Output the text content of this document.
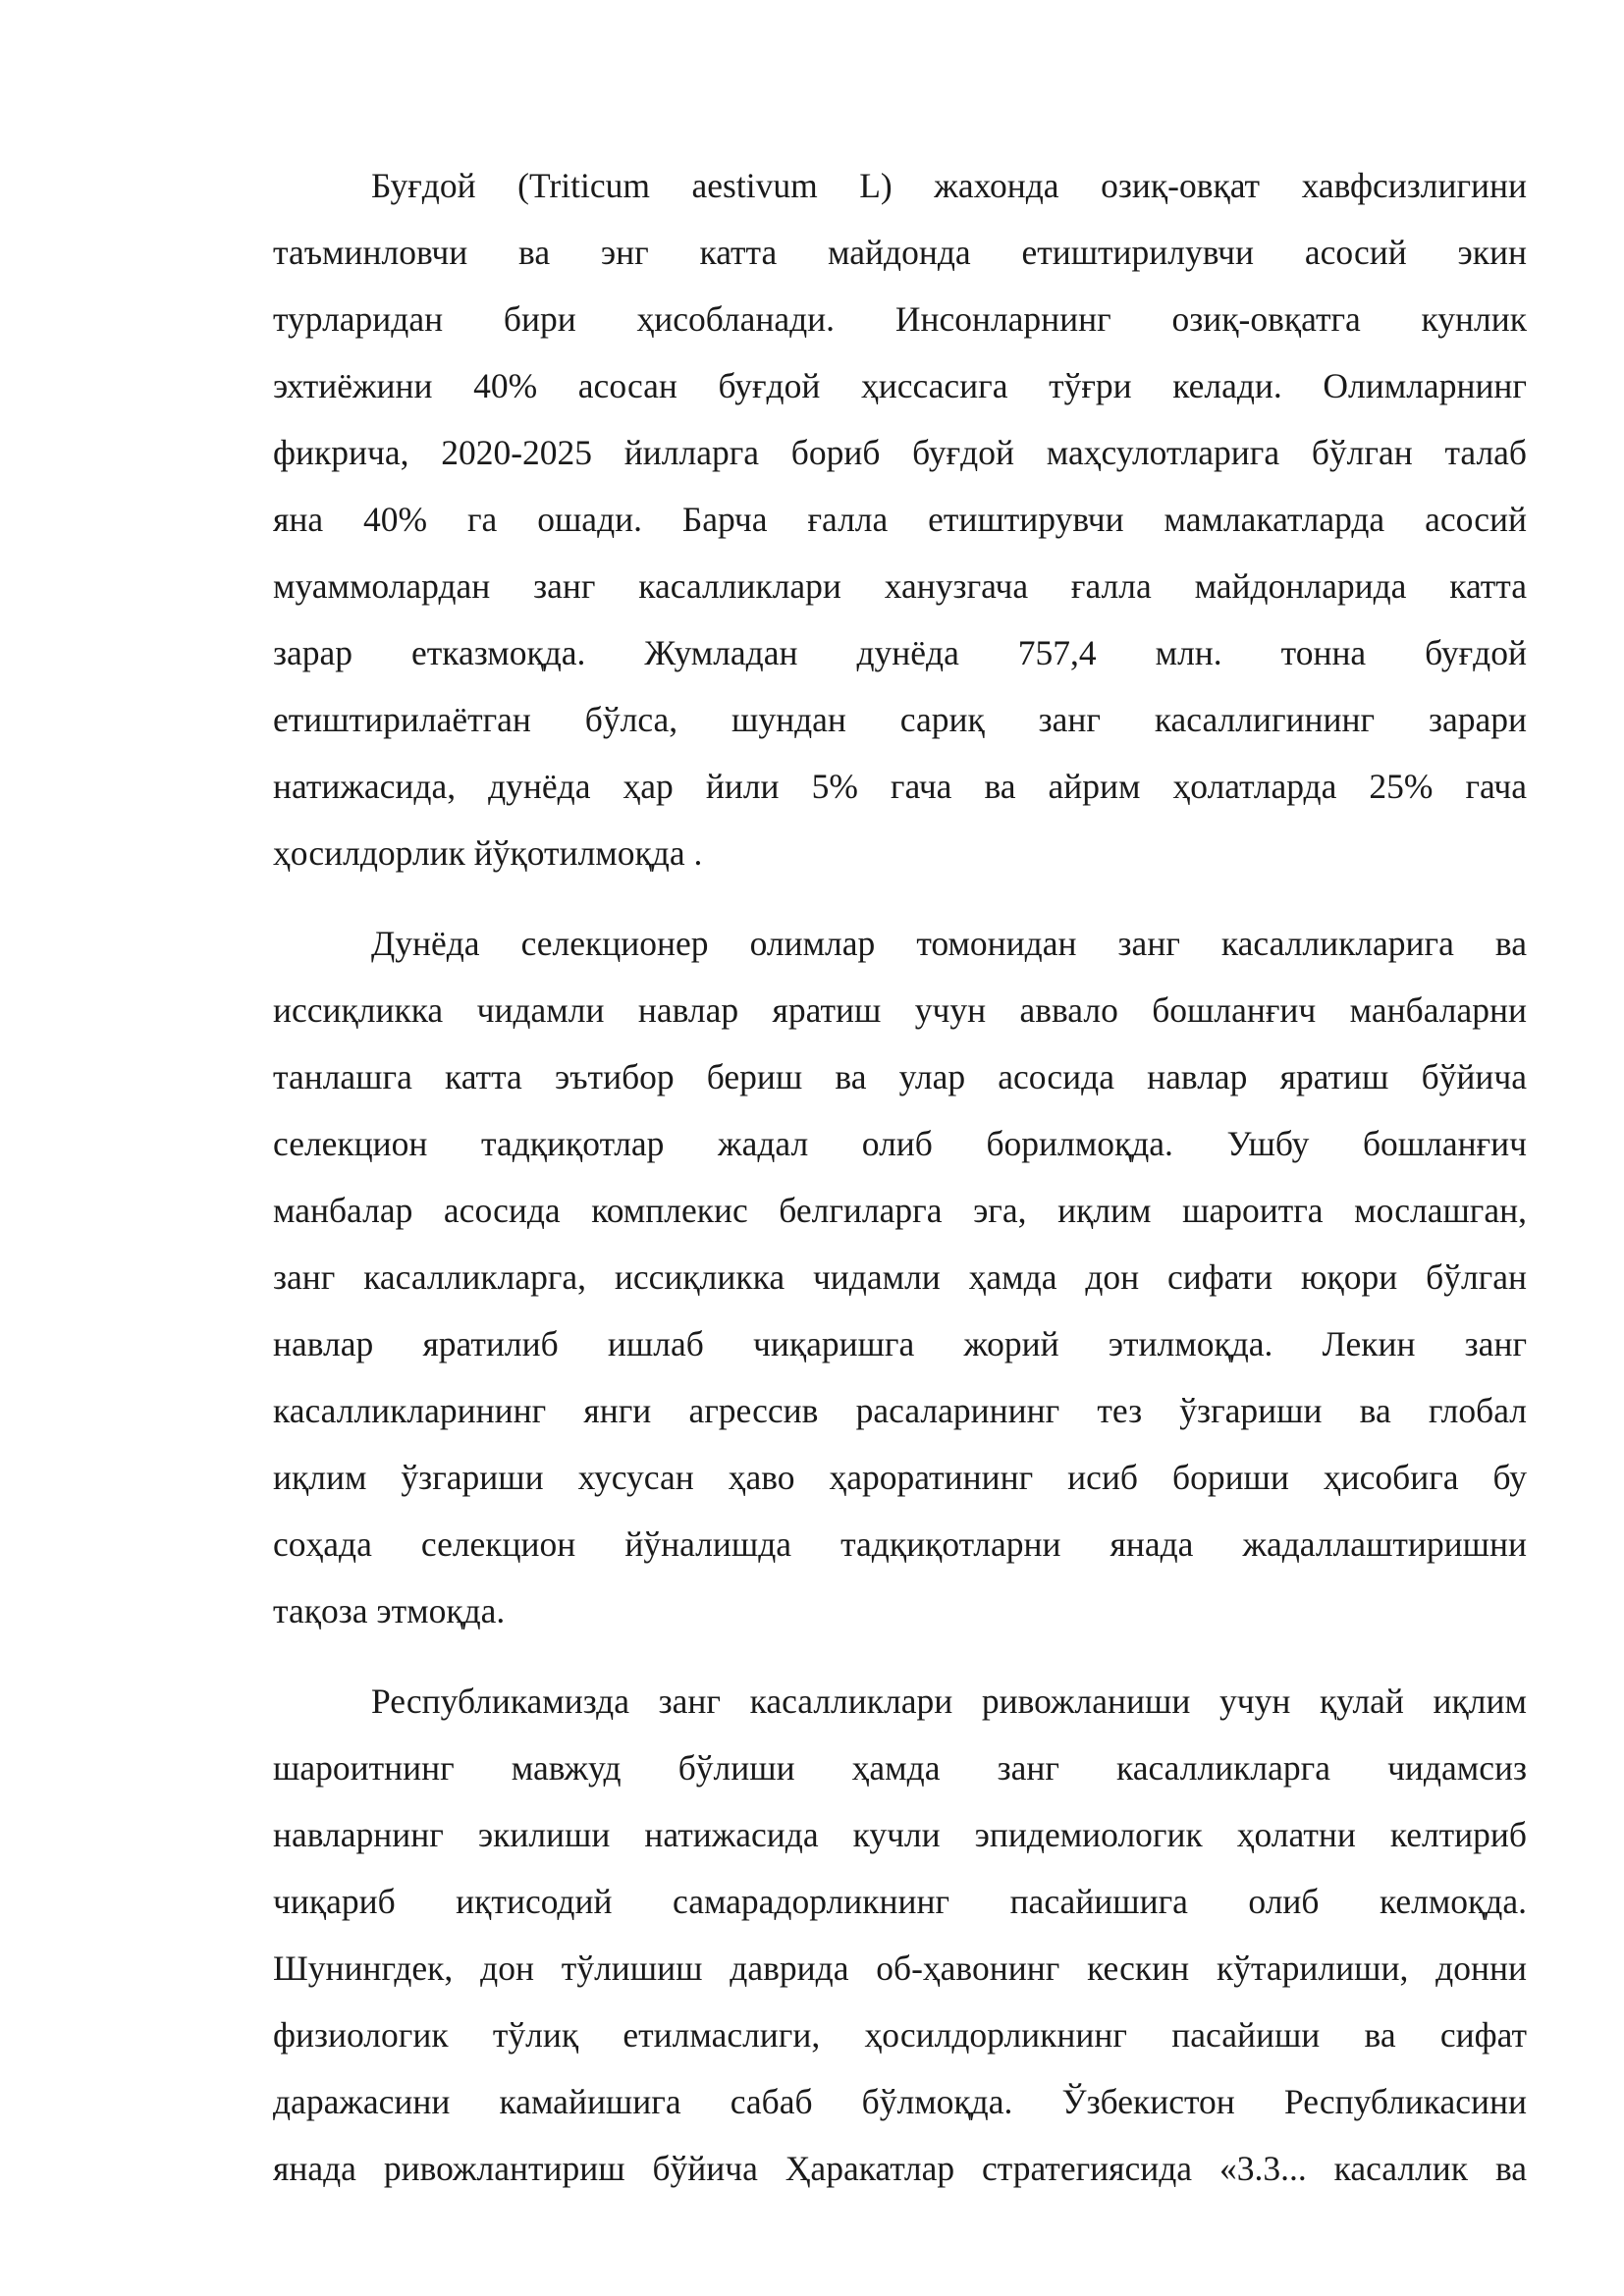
Буғдой (Triticum aestivum L) жахонда озиқ-овқат хавфсизлигини
таъминловчи ва энг катта майдонда етиштирилувчи асосий экин
турларидан бири ҳисобланади. Инсонларнинг озиқ-овқатга кунлик
эхтиёжини 40% асосан буғдой ҳиссасига тўғри келади. Олимларнинг
фикрича, 2020-2025 йилларга бориб буғдой маҳсулотларига бўлган талаб
яна 40% га ошади. Барча ғалла етиштирувчи мамлакатларда асосий
муаммолардан занг касалликлари ханузгача ғалла майдонларида катта
зарар етказмоқда. Жумладан дунёда 757,4 млн. тонна буғдой
етиштирилаётган бўлса, шундан сариқ занг касаллигининг зарари
натижасида, дунёда ҳар йили 5% гача ва айрим ҳолатларда 25% гача
ҳосилдорлик йўқотилмоқда .
Дунёда селекционер олимлар томонидан занг касалликларига ва
иссиқликка чидамли навлар яратиш учун аввало бошланғич манбаларни
танлашга катта эътибор бериш ва улар асосида навлар яратиш бўйича
селекцион тадқиқотлар жадал олиб борилмоқда. Ушбу бошланғич
манбалар асосида комплекис белгиларга эга, иқлим шароитга мослашган,
занг касалликларга, иссиқликка чидамли ҳамда дон сифати юқори бўлган
навлар яратилиб ишлаб чиқаришга жорий этилмоқда. Лекин занг
касалликларининг янги агрессив расаларининг тез ўзгариши ва глобал
иқлим ўзгариши хусусан ҳаво ҳароратининг исиб бориши ҳисобига бу
соҳада селекцион йўналишда тадқиқотларни янада жадаллаштиришни
тақоза этмоқда.
Республикамизда занг касалликлари ривожланиши учун қулай иқлим
шароитнинг мавжуд бўлиши ҳамда занг касалликларга чидамсиз
навларнинг экилиши натижасида кучли эпидемиологик ҳолатни келтириб
чиқариб иқтисодий самарадорликнинг пасайишига олиб келмоқда.
Шунингдек, дон тўлишиш даврида об-ҳавонинг кескин кўтарилиши, донни
физиологик тўлиқ етилмаслиги, ҳосилдорликнинг пасайиши ва сифат
даражасини камайишига сабаб бўлмоқда. Ўзбекистон Республикасини
янада ривожлантириш бўйича Ҳаракатлар стратегиясида «3.3... касаллик ва
